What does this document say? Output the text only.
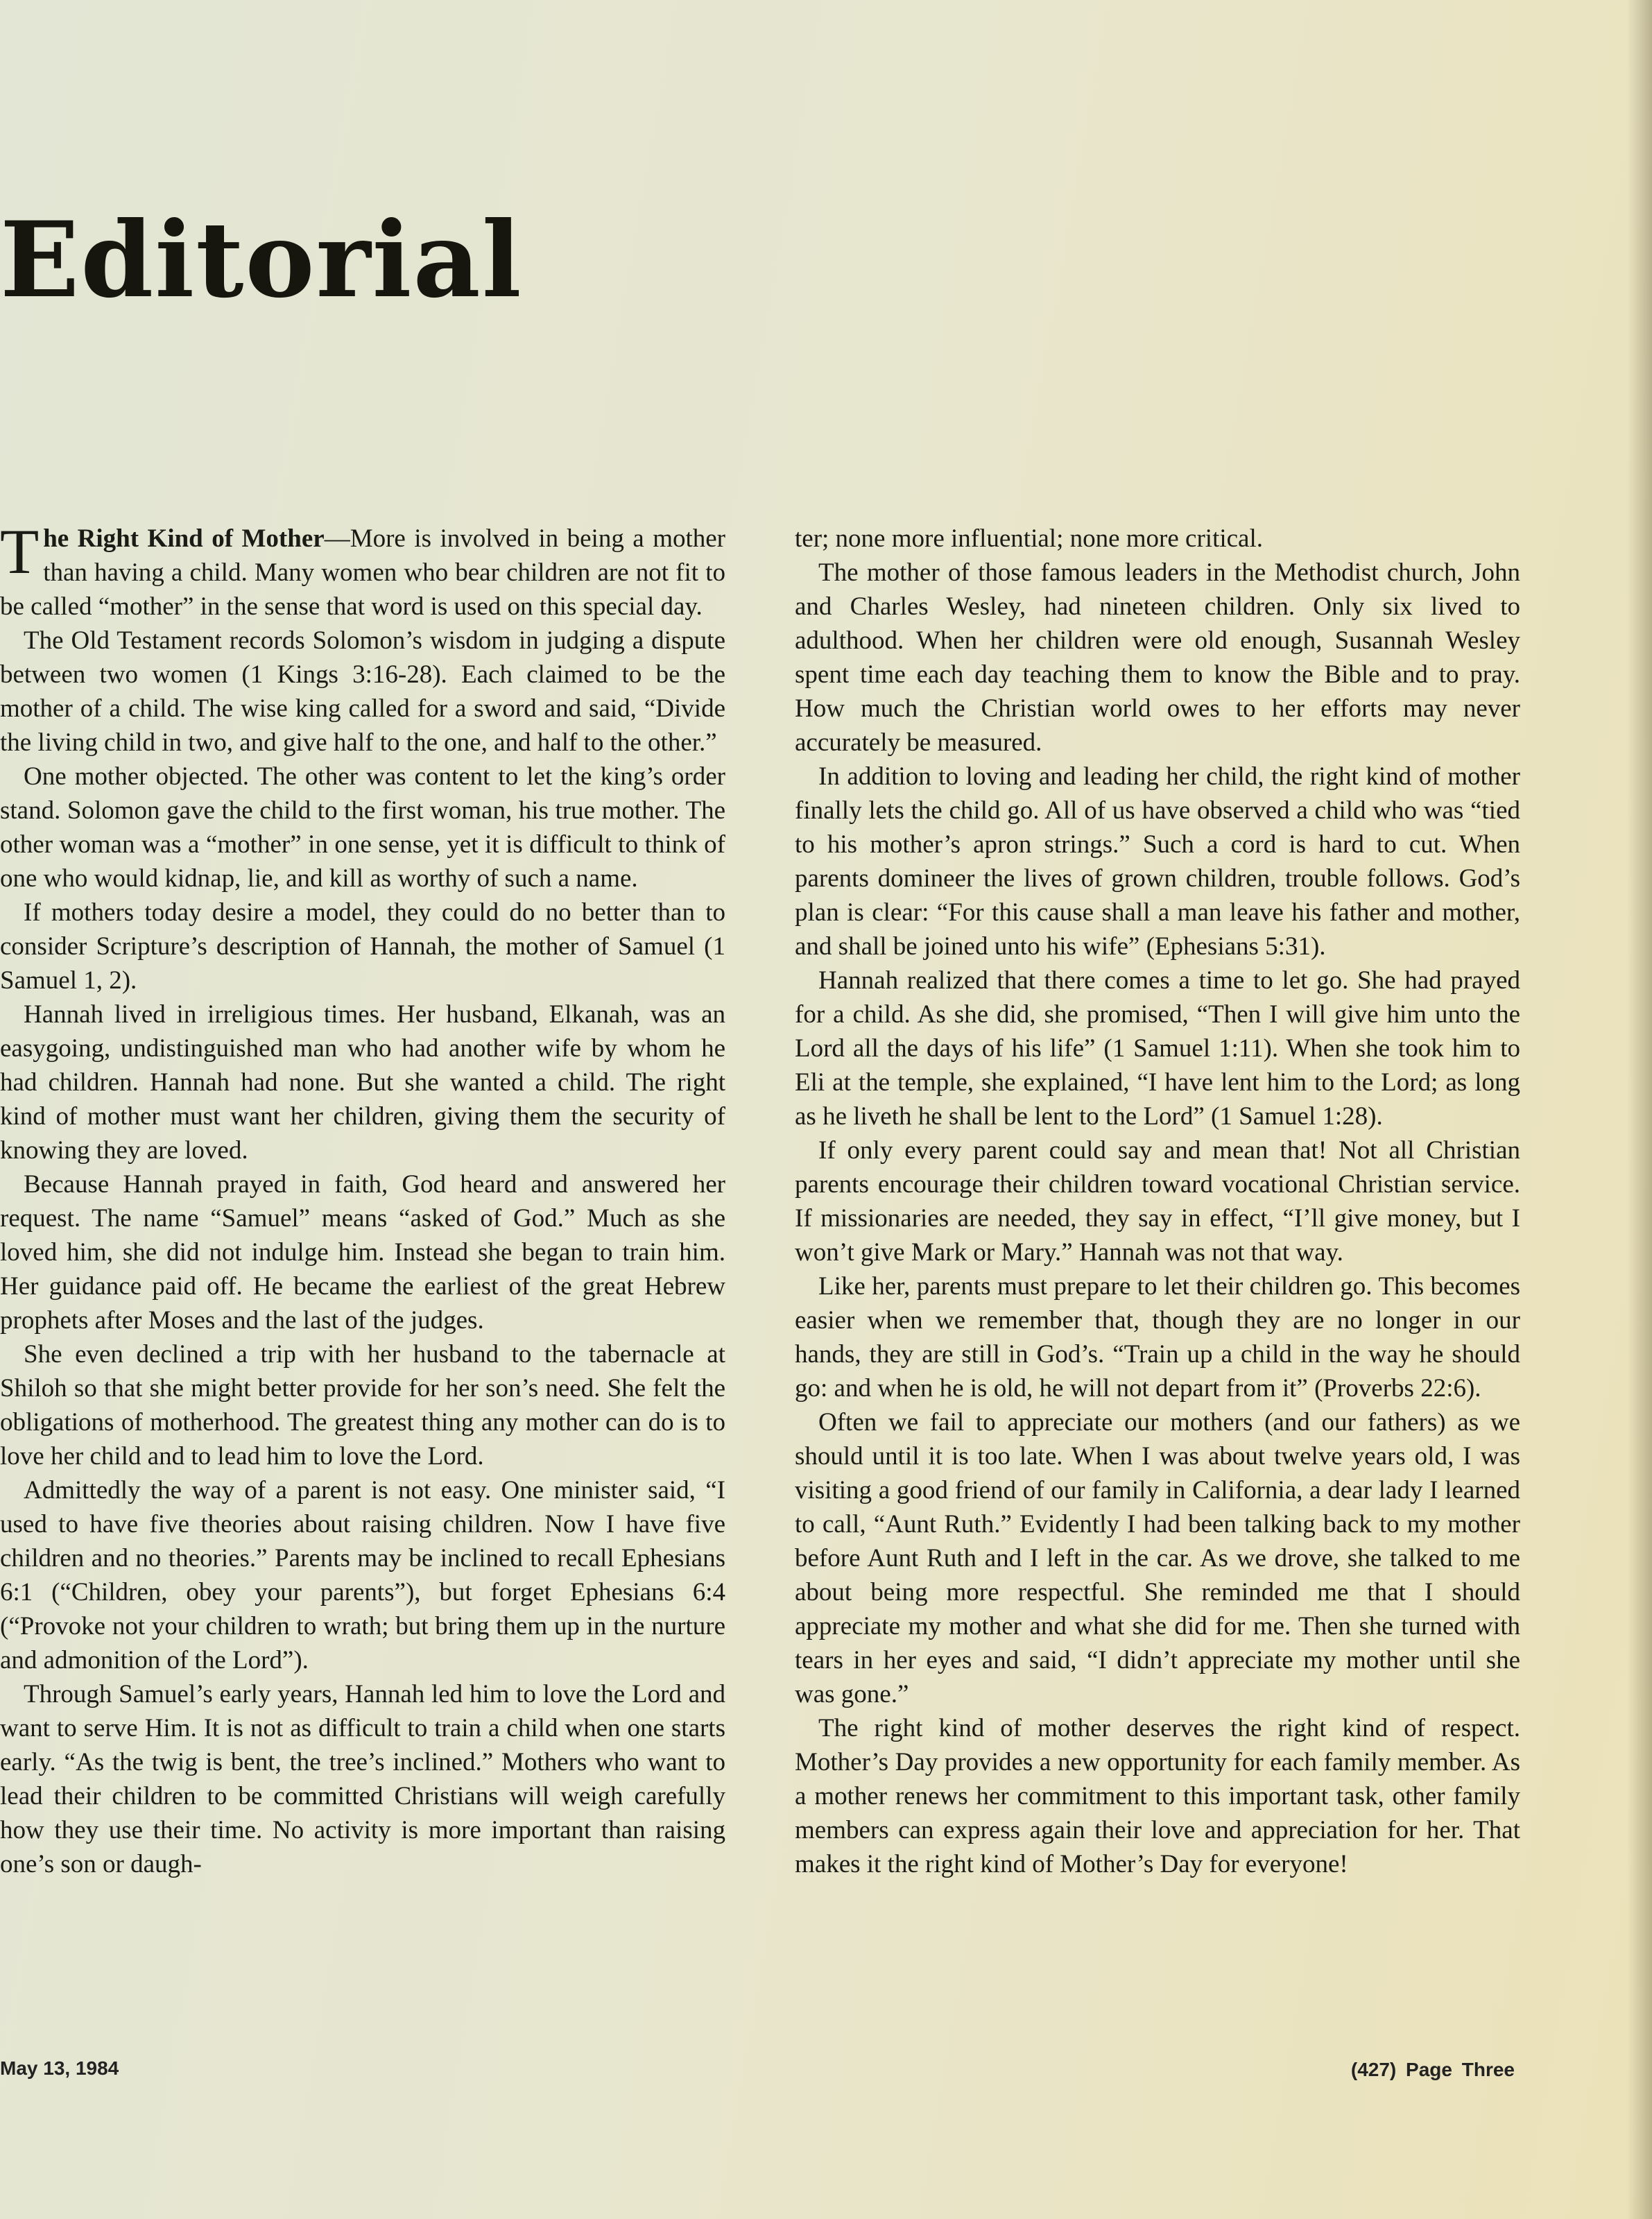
Editorial

The Right Kind of Mother—More is involved in being a mother than having a child. Many women who bear children are not fit to be called “mother” in the sense that word is used on this special day.

The Old Testament records Solomon’s wisdom in judging a dispute between two women (1 Kings 3:16-28). Each claimed to be the mother of a child. The wise king called for a sword and said, “Divide the living child in two, and give half to the one, and half to the other.”

One mother objected. The other was content to let the king’s order stand. Solomon gave the child to the first woman, his true mother. The other woman was a “mother” in one sense, yet it is difficult to think of one who would kidnap, lie, and kill as worthy of such a name.

If mothers today desire a model, they could do no better than to consider Scripture’s description of Hannah, the mother of Samuel (1 Samuel 1, 2).

Hannah lived in irreligious times. Her husband, Elkanah, was an easygoing, undistinguished man who had another wife by whom he had children. Hannah had none. But she wanted a child. The right kind of mother must want her children, giving them the security of knowing they are loved.

Because Hannah prayed in faith, God heard and answered her request. The name “Samuel” means “asked of God.” Much as she loved him, she did not indulge him. Instead she began to train him. Her guidance paid off. He became the earliest of the great Hebrew prophets after Moses and the last of the judges.

She even declined a trip with her husband to the tabernacle at Shiloh so that she might better provide for her son’s need. She felt the obligations of motherhood. The greatest thing any mother can do is to love her child and to lead him to love the Lord.

Admittedly the way of a parent is not easy. One minister said, “I used to have five theories about raising children. Now I have five children and no theories.” Parents may be inclined to recall Ephesians 6:1 (“Children, obey your parents”), but forget Ephesians 6:4 (“Provoke not your children to wrath; but bring them up in the nurture and admonition of the Lord”).

Through Samuel’s early years, Hannah led him to love the Lord and want to serve Him. It is not as difficult to train a child when one starts early. “As the twig is bent, the tree’s inclined.” Mothers who want to lead their children to be committed Christians will weigh carefully how they use their time. No activity is more important than raising one’s son or daugh-

ter; none more influential; none more critical.

The mother of those famous leaders in the Methodist church, John and Charles Wesley, had nineteen children. Only six lived to adulthood. When her children were old enough, Susannah Wesley spent time each day teaching them to know the Bible and to pray. How much the Christian world owes to her efforts may never accurately be measured.

In addition to loving and leading her child, the right kind of mother finally lets the child go. All of us have observed a child who was “tied to his mother’s apron strings.” Such a cord is hard to cut. When parents domineer the lives of grown children, trouble follows. God’s plan is clear: “For this cause shall a man leave his father and mother, and shall be joined unto his wife” (Ephesians 5:31).

Hannah realized that there comes a time to let go. She had prayed for a child. As she did, she promised, “Then I will give him unto the Lord all the days of his life” (1 Samuel 1:11). When she took him to Eli at the temple, she explained, “I have lent him to the Lord; as long as he liveth he shall be lent to the Lord” (1 Samuel 1:28).

If only every parent could say and mean that! Not all Christian parents encourage their children toward vocational Christian service. If missionaries are needed, they say in effect, “I’ll give money, but I won’t give Mark or Mary.” Hannah was not that way.

Like her, parents must prepare to let their children go. This becomes easier when we remember that, though they are no longer in our hands, they are still in God’s. “Train up a child in the way he should go: and when he is old, he will not depart from it” (Proverbs 22:6).

Often we fail to appreciate our mothers (and our fathers) as we should until it is too late. When I was about twelve years old, I was visiting a good friend of our family in California, a dear lady I learned to call, “Aunt Ruth.” Evidently I had been talking back to my mother before Aunt Ruth and I left in the car. As we drove, she talked to me about being more respectful. She reminded me that I should appreciate my mother and what she did for me. Then she turned with tears in her eyes and said, “I didn’t appreciate my mother until she was gone.”

The right kind of mother deserves the right kind of respect. Mother’s Day provides a new opportunity for each family member. As a mother renews her commitment to this important task, other family members can express again their love and appreciation for her. That makes it the right kind of Mother’s Day for everyone!

May 13, 1984	(427) Page Three
